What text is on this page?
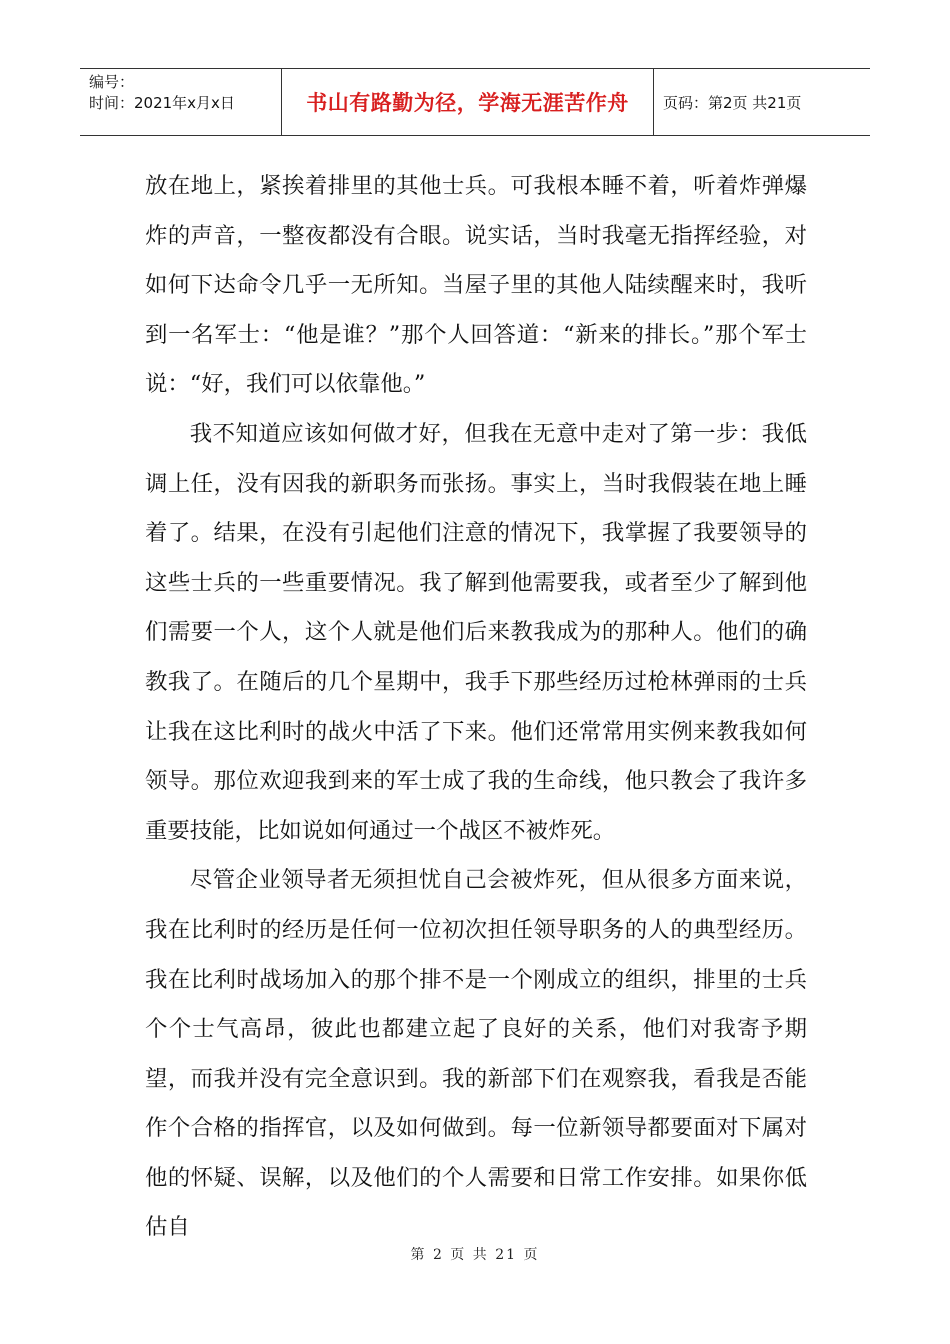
编号：
时间：2021年x月x日	书山有路勤为径，学海无涯苦作舟 页码：第2页 共21页

放在地上，紧挨着排里的其他士兵。可我根本睡不着，听着炸弹爆炸的声音，一整夜都没有合眼。说实话，当时我毫无指挥经验，对如何下达命令几乎一无所知。当屋子里的其他人陆续醒来时，我听到一名军士：“他是谁？”那个人回答道：“新来的排长。”那个军士说：“好，我们可以依靠他。”

我不知道应该如何做才好，但我在无意中走对了第一步：我低调上任，没有因我的新职务而张扬。事实上，当时我假装在地上睡着了。结果，在没有引起他们注意的情况下，我掌握了我要领导的这些士兵的一些重要情况。我了解到他需要我，或者至少了解到他们需要一个人，这个人就是他们后来教我成为的那种人。他们的确教我了。在随后的几个星期中，我手下那些经历过枪林弹雨的士兵让我在这比利时的战火中活了下来。他们还常常用实例来教我如何领导。那位欢迎我到来的军士成了我的生命线，他只教会了我许多重要技能，比如说如何通过一个战区不被炸死。

尽管企业领导者无须担忧自己会被炸死，但从很多方面来说，我在比利时的经历是任何一位初次担任领导职务的人的典型经历。我在比利时战场加入的那个排不是一个刚成立的组织，排里的士兵个个士气高昂，彼此也都建立起了良好的关系，他们对我寄予期望，而我并没有完全意识到。我的新部下们在观察我，看我是否能作个合格的指挥官，以及如何做到。每一位新领导都要面对下属对他的怀疑、误解，以及他们的个人需要和日常工作安排。如果你低估自

第 2 页 共 21 页
